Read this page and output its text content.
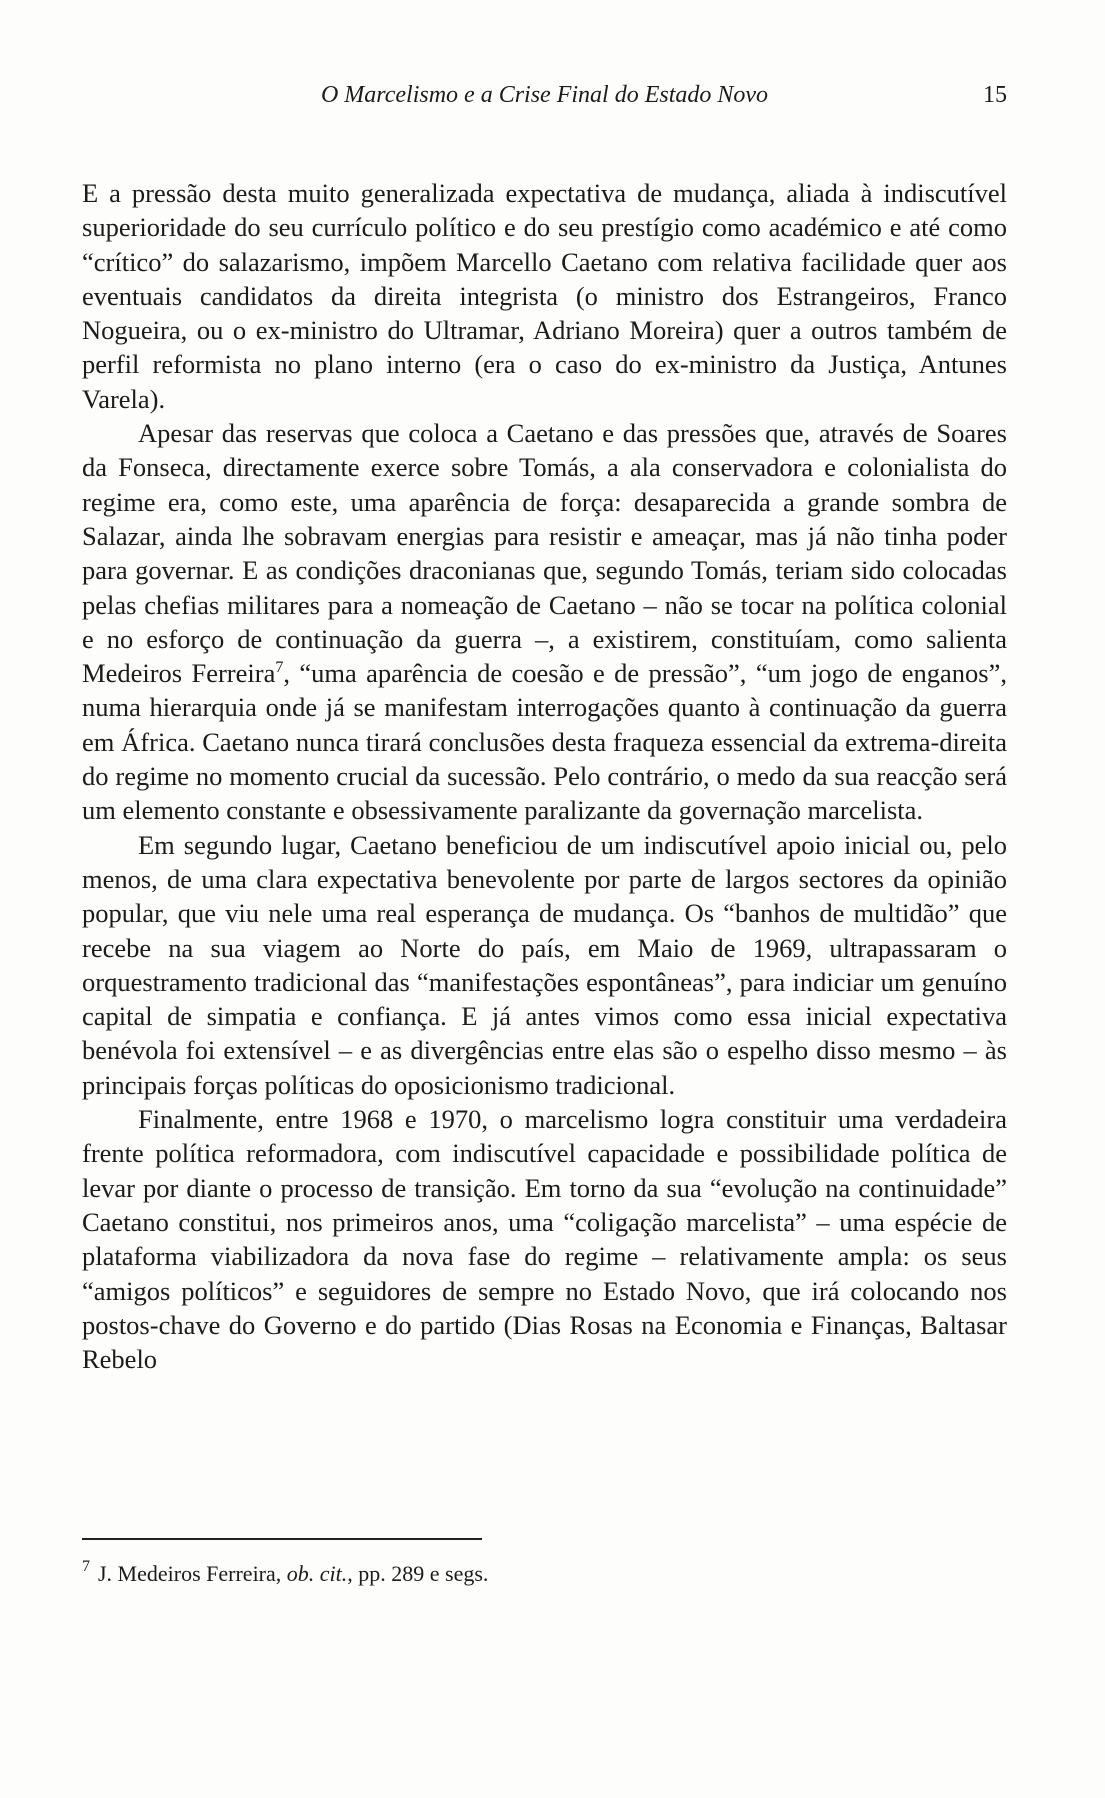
O Marcelismo e a Crise Final do Estado Novo	15

E a pressão desta muito generalizada expectativa de mudança, aliada à indiscutível superioridade do seu currículo político e do seu prestígio como académico e até como “crítico” do salazarismo, impõem Marcello Caetano com relativa facilidade quer aos eventuais candidatos da direita integrista (o ministro dos Estrangeiros, Franco Nogueira, ou o ex-ministro do Ultramar, Adriano Moreira) quer a outros também de perfil reformista no plano interno (era o caso do ex-ministro da Justiça, Antunes Varela).

Apesar das reservas que coloca a Caetano e das pressões que, através de Soares da Fonseca, directamente exerce sobre Tomás, a ala conservadora e colonialista do regime era, como este, uma aparência de força: desaparecida a grande sombra de Salazar, ainda lhe sobravam energias para resistir e ameaçar, mas já não tinha poder para governar. E as condições draconianas que, segundo Tomás, teriam sido colocadas pelas chefias militares para a nomeação de Caetano – não se tocar na política colonial e no esforço de continuação da guerra –, a existirem, constituíam, como salienta Medeiros Ferreira$^7$, “uma aparência de coesão e de pressão”, “um jogo de enganos”, numa hierarquia onde já se manifestam interrogações quanto à continuação da guerra em África. Caetano nunca tirará conclusões desta fraqueza essencial da extrema-direita do regime no momento crucial da sucessão. Pelo contrário, o medo da sua reacção será um elemento constante e obsessivamente paralizante da governação marcelista.

Em segundo lugar, Caetano beneficiou de um indiscutível apoio inicial ou, pelo menos, de uma clara expectativa benevolente por parte de largos sectores da opinião popular, que viu nele uma real esperança de mudança. Os “banhos de multidão” que recebe na sua viagem ao Norte do país, em Maio de 1969, ultrapassaram o orquestramento tradicional das “manifestações espontâneas”, para indiciar um genuíno capital de simpatia e confiança. E já antes vimos como essa inicial expectativa benévola foi extensível – e as divergências entre elas são o espelho disso mesmo – às principais forças políticas do oposicionismo tradicional.

Finalmente, entre 1968 e 1970, o marcelismo logra constituir uma verdadeira frente política reformadora, com indiscutível capacidade e possibilidade política de levar por diante o processo de transição. Em torno da sua “evolução na continuidade” Caetano constitui, nos primeiros anos, uma “coligação marcelista” – uma espécie de plataforma viabilizadora da nova fase do regime – relativamente ampla: os seus “amigos políticos” e seguidores de sempre no Estado Novo, que irá colocando nos postos-chave do Governo e do partido (Dias Rosas na Economia e Finanças, Baltasar Rebelo

$^7$ J. Medeiros Ferreira, ob. cit., pp. 289 e segs.
